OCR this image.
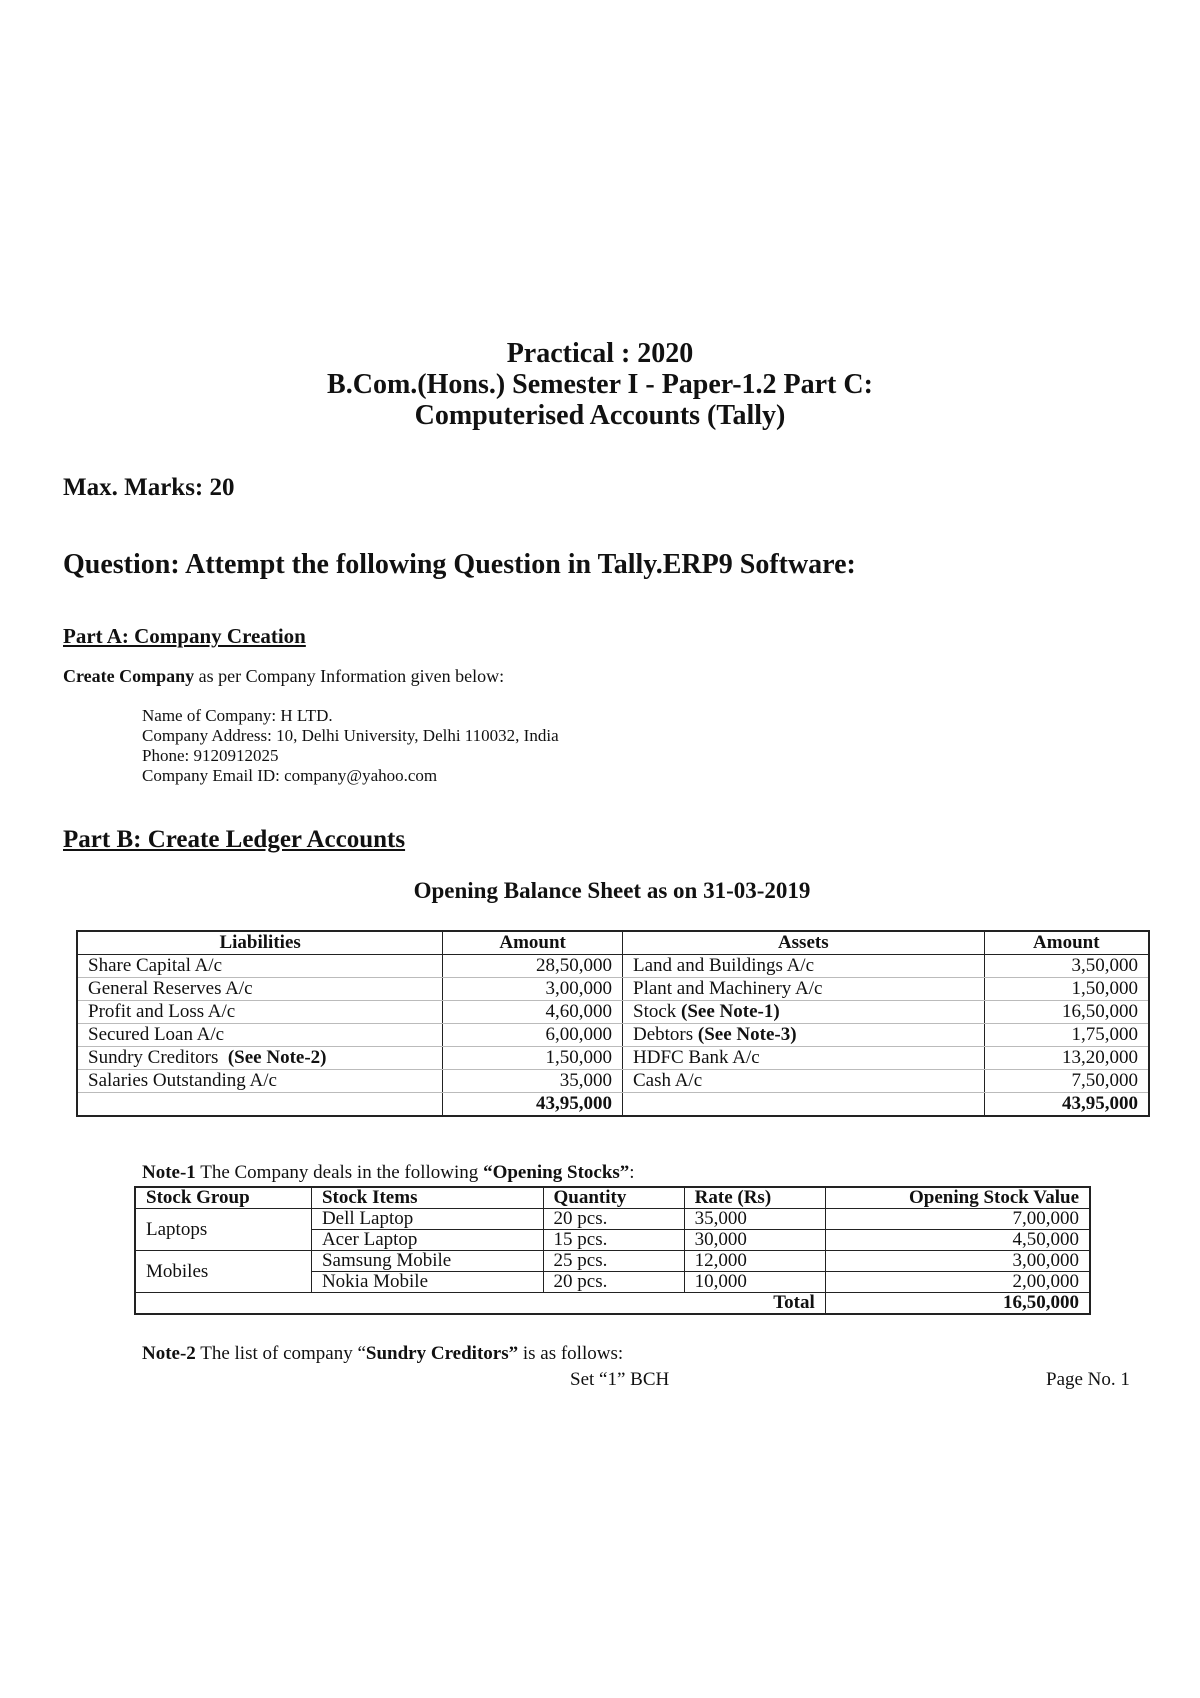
Practical : 2020
B.Com.(Hons.) Semester I - Paper-1.2 Part C:
Computerised Accounts (Tally)
Max. Marks: 20
Question: Attempt the following Question in Tally.ERP9 Software:
Part A: Company Creation
Create Company as per Company Information given below:
Name of Company: H LTD.
Company Address: 10, Delhi University, Delhi 110032, India
Phone: 9120912025
Company Email ID: company@yahoo.com
Part B: Create Ledger Accounts
Opening Balance Sheet as on 31-03-2019
Liabilities	Amount	Assets	Amount
Share Capital A/c	28,50,000	Land and Buildings A/c	3,50,000
General Reserves A/c	3,00,000	Plant and Machinery A/c	1,50,000
Profit and Loss A/c	4,60,000	Stock (See Note-1)	16,50,000
Secured Loan A/c	6,00,000	Debtors (See Note-3)	1,75,000
Sundry Creditors  (See Note-2)	1,50,000	HDFC Bank A/c	13,20,000
Salaries Outstanding A/c	35,000	Cash A/c	7,50,000
	43,95,000		43,95,000
Note-1 The Company deals in the following “Opening Stocks”:
Stock Group	Stock Items	Quantity	Rate (Rs)	Opening Stock Value
Laptops	Dell Laptop	20 pcs.	35,000	7,00,000
	Acer Laptop	15 pcs.	30,000	4,50,000
Mobiles	Samsung Mobile	25 pcs.	12,000	3,00,000
	Nokia Mobile	20 pcs.	10,000	2,00,000
Total				16,50,000
Note-2 The list of company “Sundry Creditors” is as follows:
Set “1” BCH	Page No. 1
